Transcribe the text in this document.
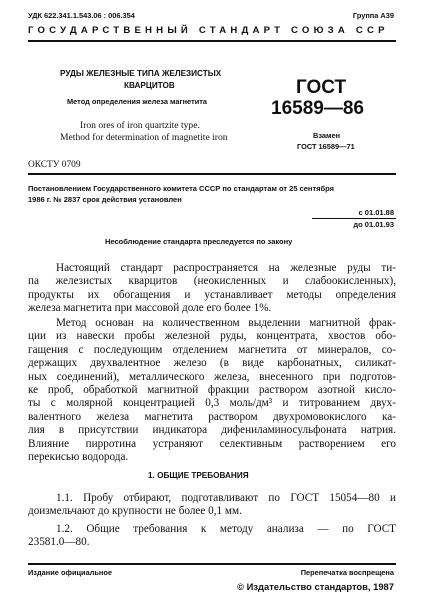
УДК 622.341.1.543.06 : 006.354	Группа А39
ГОСУДАРСТВЕННЫЙ СТАНДАРТ СОЮЗА ССР
РУДЫ ЖЕЛЕЗНЫЕ ТИПА ЖЕЛЕЗИСТЫХ
КВАРЦИТОВ
Метод определения железа магнетита
Iron ores of iron quartzite type.
Method for determination of magnetite iron
ОКСТУ 0709
ГОСТ
16589—86
Взамен
ГОСТ 16589—71
Постановлением Государственного комитета СССР по стандартам от 25 сентября
1986 г. № 2837 срок действия установлен
с 01.01.88
до 01.01.93
Несоблюдение стандарта преследуется по закону
Настоящий стандарт распространяется на железные руды ти-
па железистых кварцитов (неокисленных и слабоокисленных),
продукты их обогащения и устанавливает методы определения
железа магнетита при массовой доле его более 1%.
Метод основан на количественном выделении магнитной фрак-
ции из навески пробы железной руды, концентрата, хвостов обо-
гащения с последующим отделением магнетита от минералов, со-
держащих двухвалентное железо (в виде карбонатных, силикат-
ных соединений), металлического железа, внесенного при подготов-
ке проб, обработкой магнитной фракции раствором азотной кисло-
ты с молярной концентрацией 0,3 моль/дм³ и титрованием двух-
валентного железа магнетита раствором двухромовокислого ка-
лия в присутствии индикатора дифениламиносульфоната натрия.
Влияние пирротина устраняют селективным растворением его
перекисью водорода.
1. ОБЩИЕ ТРЕБОВАНИЯ
1.1. Пробу отбирают, подготавливают по ГОСТ 15054—80 и
доизмельчают до крупности не более 0,1 мм.
1.2. Общие требования к методу анализа — по ГОСТ
23581.0—80.
Издание официальное	Перепечатка воспрещена
© Издательство стандартов, 1987
